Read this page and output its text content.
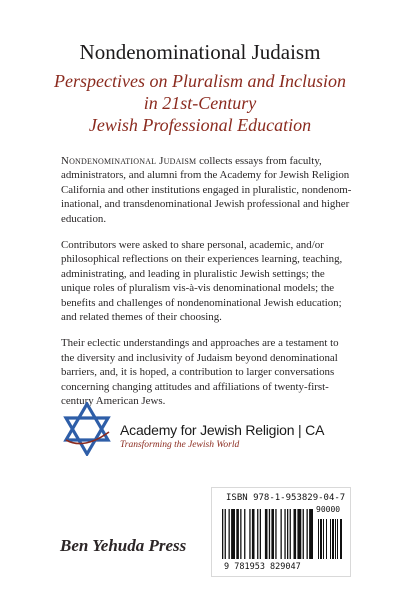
Nondenominational Judaism
Perspectives on Pluralism and Inclusion
in 21st-Century
Jewish Professional Education

Nondenominational Judaism collects essays from faculty,
administrators, and alumni from the Academy for Jewish Religion
California and other institutions engaged in pluralistic, nondenom-
inational, and transdenominational Jewish professional and higher
education.

Contributors were asked to share personal, academic, and/or
philosophical reflections on their experiences learning, teaching,
administrating, and leading in pluralistic Jewish settings; the
unique roles of pluralism vis-à-vis denominational models; the
benefits and challenges of nondenominational Jewish education;
and related themes of their choosing.

Their eclectic understandings and approaches are a testament to
the diversity and inclusivity of Judaism beyond denominational
barriers, and, it is hoped, a contribution to larger conversations
concerning changing attitudes and affiliations of twenty-first-
century American Jews.

Academy for Jewish Religion | CA
Transforming the Jewish World
ISBN 978-1-953829-04-7
90000
9 781953 829047
Ben Yehuda Press
